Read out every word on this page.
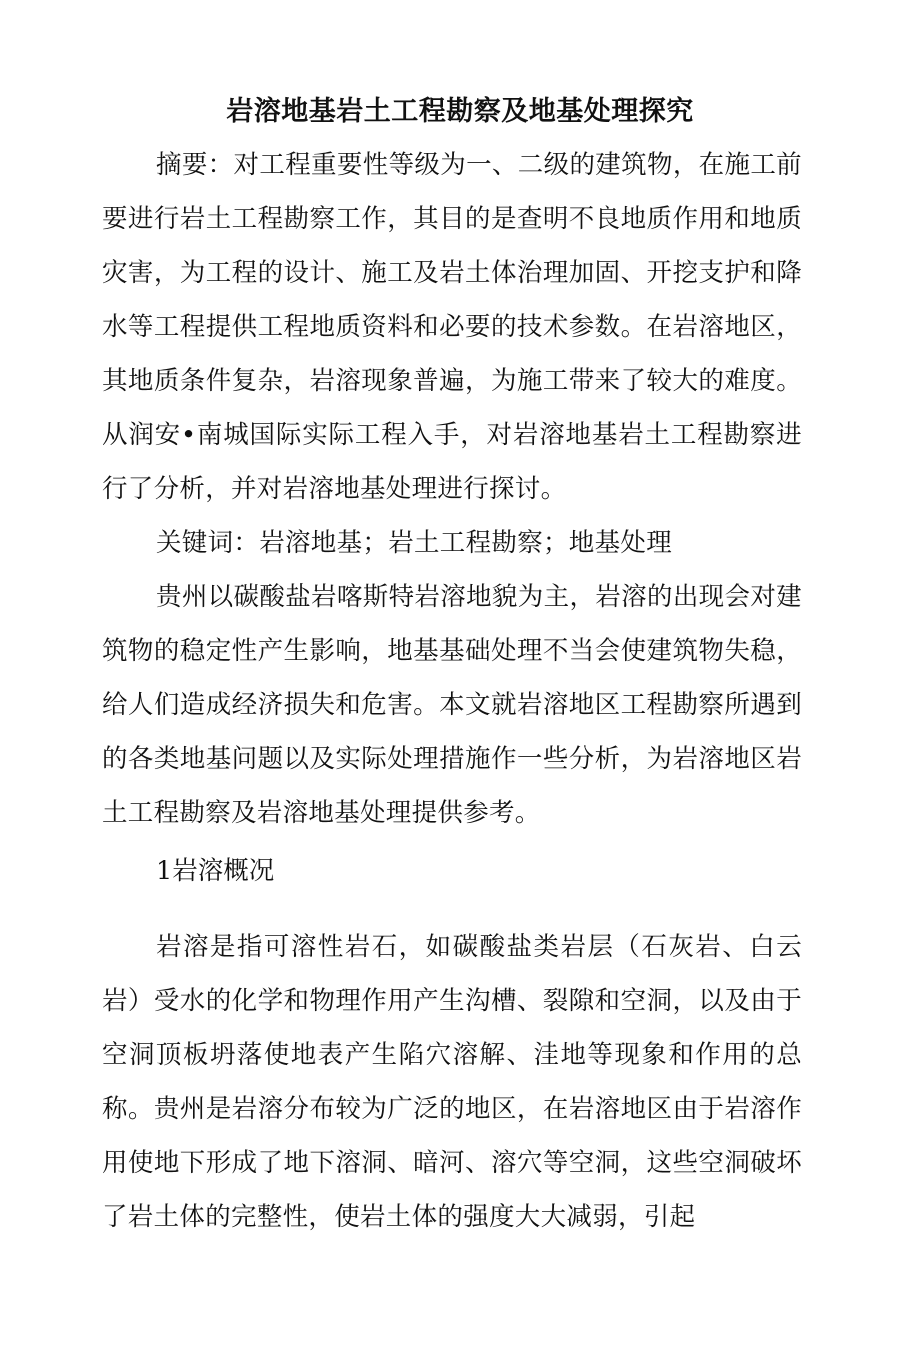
岩溶地基岩土工程勘察及地基处理探究

摘要：对工程重要性等级为一、二级的建筑物，在施工前要进行岩土工程勘察工作，其目的是查明不良地质作用和地质灾害，为工程的设计、施工及岩土体治理加固、开挖支护和降水等工程提供工程地质资料和必要的技术参数。在岩溶地区，其地质条件复杂，岩溶现象普遍，为施工带来了较大的难度。从润安•南城国际实际工程入手，对岩溶地基岩土工程勘察进行了分析，并对岩溶地基处理进行探讨。

关键词：岩溶地基；岩土工程勘察；地基处理

贵州以碳酸盐岩喀斯特岩溶地貌为主，岩溶的出现会对建筑物的稳定性产生影响，地基基础处理不当会使建筑物失稳，给人们造成经济损失和危害。本文就岩溶地区工程勘察所遇到的各类地基问题以及实际处理措施作一些分析，为岩溶地区岩土工程勘察及岩溶地基处理提供参考。

1岩溶概况

岩溶是指可溶性岩石，如碳酸盐类岩层（石灰岩、白云岩）受水的化学和物理作用产生沟槽、裂隙和空洞，以及由于空洞顶板坍落使地表产生陷穴溶解、洼地等现象和作用的总称。贵州是岩溶分布较为广泛的地区，在岩溶地区由于岩溶作用使地下形成了地下溶洞、暗河、溶穴等空洞，这些空洞破坏了岩土体的完整性，使岩土体的强度大大减弱，引起
